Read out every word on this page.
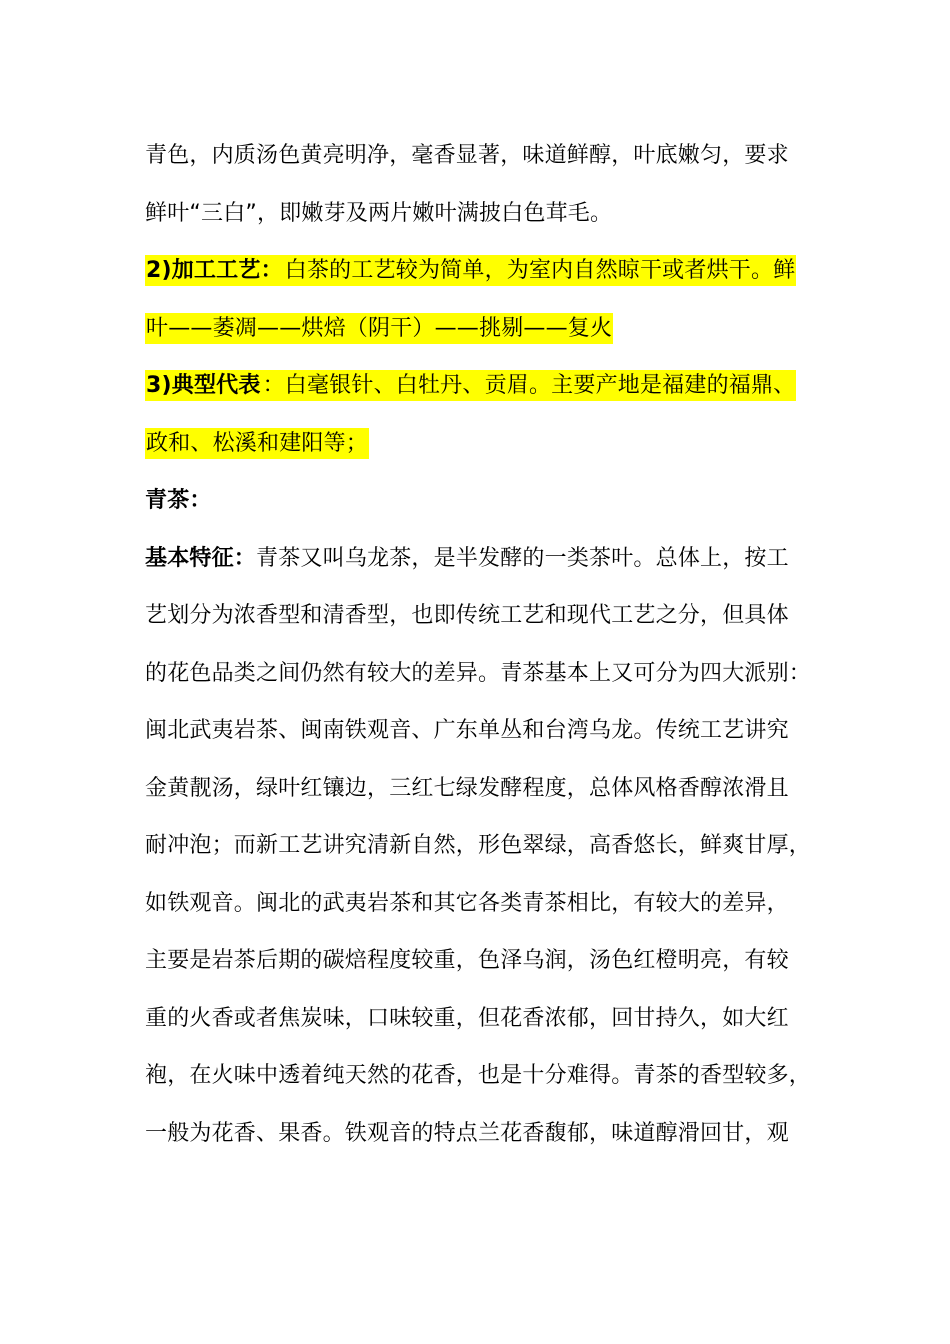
青色，内质汤色黄亮明净，毫香显著，味道鲜醇，叶底嫩匀，要求
鲜叶“三白”，即嫩芽及两片嫩叶满披白色茸毛。
2)加工工艺：白茶的工艺较为简单，为室内自然晾干或者烘干。鲜
叶——萎凋——烘焙（阴干）——挑剔——复火
3)典型代表：白毫银针、白牡丹、贡眉。主要产地是福建的福鼎、
政和、松溪和建阳等；
青茶：
基本特征：青茶又叫乌龙茶，是半发酵的一类茶叶。总体上，按工
艺划分为浓香型和清香型，也即传统工艺和现代工艺之分，但具体
的花色品类之间仍然有较大的差异。青茶基本上又可分为四大派别：
闽北武夷岩茶、闽南铁观音、广东单丛和台湾乌龙。传统工艺讲究
金黄靓汤，绿叶红镶边，三红七绿发酵程度，总体风格香醇浓滑且
耐冲泡；而新工艺讲究清新自然，形色翠绿，高香悠长，鲜爽甘厚，
如铁观音。闽北的武夷岩茶和其它各类青茶相比，有较大的差异，
主要是岩茶后期的碳焙程度较重，色泽乌润，汤色红橙明亮，有较
重的火香或者焦炭味，口味较重，但花香浓郁，回甘持久，如大红
袍，在火味中透着纯天然的花香，也是十分难得。青茶的香型较多，
一般为花香、果香。铁观音的特点兰花香馥郁，味道醇滑回甘，观
